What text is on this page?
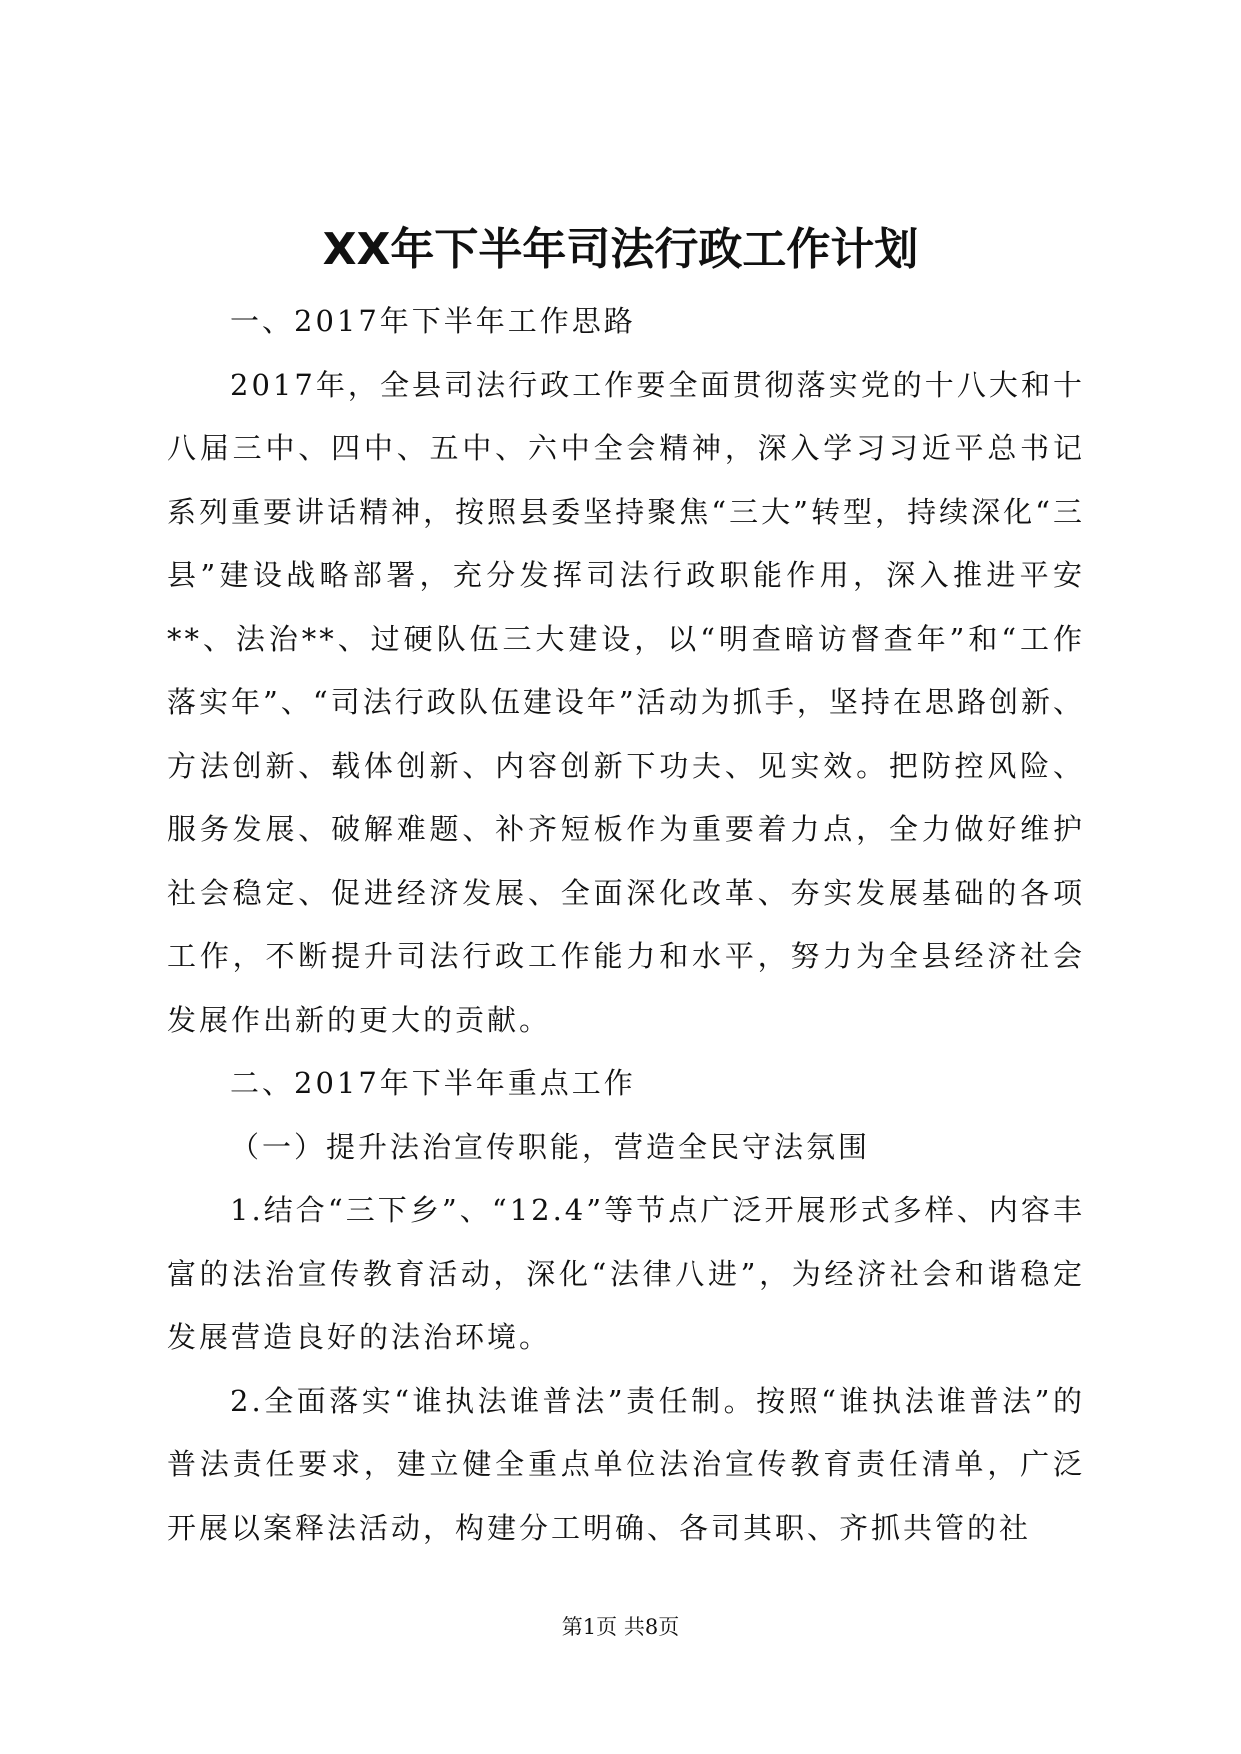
XX年下半年司法行政工作计划

一、2017年下半年工作思路

2017年，全县司法行政工作要全面贯彻落实党的十八大和十八届三中、四中、五中、六中全会精神，深入学习习近平总书记系列重要讲话精神，按照县委坚持聚焦“三大”转型，持续深化“三县”建设战略部署，充分发挥司法行政职能作用，深入推进平安**、法治**、过硬队伍三大建设，以“明查暗访督查年”和“工作落实年”、“司法行政队伍建设年”活动为抓手，坚持在思路创新、方法创新、载体创新、内容创新下功夫、见实效。把防控风险、服务发展、破解难题、补齐短板作为重要着力点，全力做好维护社会稳定、促进经济发展、全面深化改革、夯实发展基础的各项工作，不断提升司法行政工作能力和水平，努力为全县经济社会发展作出新的更大的贡献。

二、2017年下半年重点工作

（一）提升法治宣传职能，营造全民守法氛围

1.结合“三下乡”、“12.4”等节点广泛开展形式多样、内容丰富的法治宣传教育活动，深化“法律八进”，为经济社会和谐稳定发展营造良好的法治环境。

2.全面落实“谁执法谁普法”责任制。按照“谁执法谁普法”的普法责任要求，建立健全重点单位法治宣传教育责任清单，广泛开展以案释法活动，构建分工明确、各司其职、齐抓共管的社

第1页 共8页
